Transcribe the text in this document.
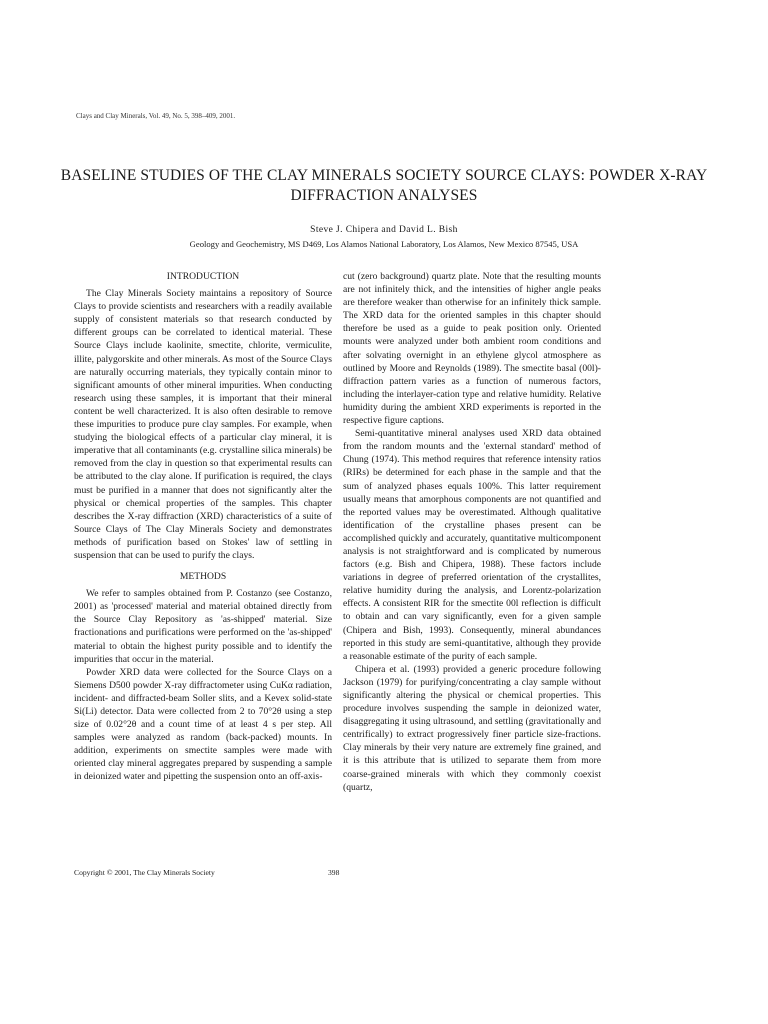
Clays and Clay Minerals, Vol. 49, No. 5, 398–409, 2001.
BASELINE STUDIES OF THE CLAY MINERALS SOCIETY SOURCE CLAYS: POWDER X-RAY DIFFRACTION ANALYSES
Steve J. Chipera and David L. Bish
Geology and Geochemistry, MS D469, Los Alamos National Laboratory, Los Alamos, New Mexico 87545, USA
INTRODUCTION

The Clay Minerals Society maintains a repository of Source Clays to provide scientists and researchers with a readily available supply of consistent materials so that research conducted by different groups can be correlated to identical material. These Source Clays include kaolinite, smectite, chlorite, vermiculite, illite, palygorskite and other minerals. As most of the Source Clays are naturally occurring materials, they typically contain minor to significant amounts of other mineral impurities. When conducting research using these samples, it is important that their mineral content be well characterized. It is also often desirable to remove these impurities to produce pure clay samples. For example, when studying the biological effects of a particular clay mineral, it is imperative that all contaminants (e.g. crystalline silica minerals) be removed from the clay in question so that experimental results can be attributed to the clay alone. If purification is required, the clays must be purified in a manner that does not significantly alter the physical or chemical properties of the samples. This chapter describes the X-ray diffraction (XRD) characteristics of a suite of Source Clays of The Clay Minerals Society and demonstrates methods of purification based on Stokes' law of settling in suspension that can be used to purify the clays.

METHODS

We refer to samples obtained from P. Costanzo (see Costanzo, 2001) as 'processed' material and material obtained directly from the Source Clay Repository as 'as-shipped' material. Size fractionations and purifications were performed on the 'as-shipped' material to obtain the highest purity possible and to identify the impurities that occur in the material.

Powder XRD data were collected for the Source Clays on a Siemens D500 powder X-ray diffractometer using CuKα radiation, incident- and diffracted-beam Soller slits, and a Kevex solid-state Si(Li) detector. Data were collected from 2 to 70°2θ using a step size of 0.02°2θ and a count time of at least 4 s per step. All samples were analyzed as random (back-packed) mounts. In addition, experiments on smectite samples were made with oriented clay mineral aggregates prepared by suspending a sample in deionized water and pipetting the suspension onto an off-axis-

cut (zero background) quartz plate. Note that the resulting mounts are not infinitely thick, and the intensities of higher angle peaks are therefore weaker than otherwise for an infinitely thick sample. The XRD data for the oriented samples in this chapter should therefore be used as a guide to peak position only. Oriented mounts were analyzed under both ambient room conditions and after solvating overnight in an ethylene glycol atmosphere as outlined by Moore and Reynolds (1989). The smectite basal (00l)-diffraction pattern varies as a function of numerous factors, including the interlayer-cation type and relative humidity. Relative humidity during the ambient XRD experiments is reported in the respective figure captions.

Semi-quantitative mineral analyses used XRD data obtained from the random mounts and the 'external standard' method of Chung (1974). This method requires that reference intensity ratios (RIRs) be determined for each phase in the sample and that the sum of analyzed phases equals 100%. This latter requirement usually means that amorphous components are not quantified and the reported values may be overestimated. Although qualitative identification of the crystalline phases present can be accomplished quickly and accurately, quantitative multicomponent analysis is not straightforward and is complicated by numerous factors (e.g. Bish and Chipera, 1988). These factors include variations in degree of preferred orientation of the crystallites, relative humidity during the analysis, and Lorentz-polarization effects. A consistent RIR for the smectite 00l reflection is difficult to obtain and can vary significantly, even for a given sample (Chipera and Bish, 1993). Consequently, mineral abundances reported in this study are semi-quantitative, although they provide a reasonable estimate of the purity of each sample.

Chipera et al. (1993) provided a generic procedure following Jackson (1979) for purifying/concentrating a clay sample without significantly altering the physical or chemical properties. This procedure involves suspending the sample in deionized water, disaggregating it using ultrasound, and settling (gravitationally and centrifically) to extract progressively finer particle size-fractions. Clay minerals by their very nature are extremely fine grained, and it is this attribute that is utilized to separate them from more coarse-grained minerals with which they commonly coexist (quartz,

Copyright © 2001, The Clay Minerals Society	398
